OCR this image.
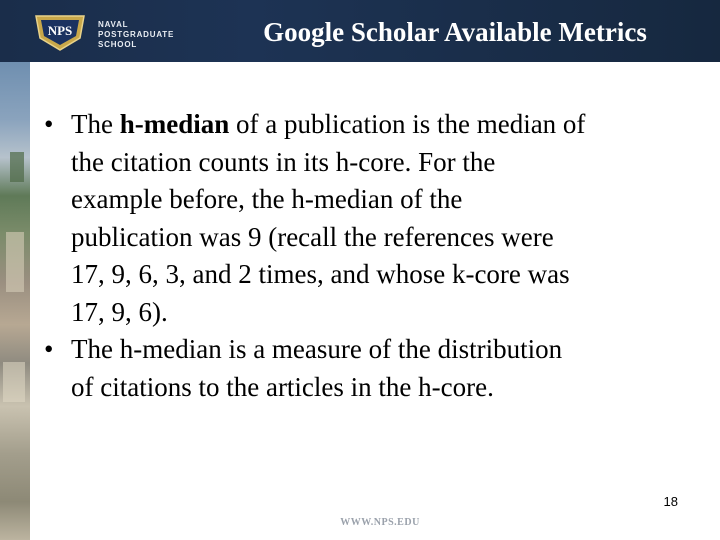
NPS	NAVAL
POSTGRADUATE
SCHOOL	Google Scholar Available Metrics
• The h-median of a publication is the median of
the citation counts in its h-core. For the
example before, the h-median of the
publication was 9 (recall the references were
17, 9, 6, 3, and 2 times, and whose k-core was
17, 9, 6).
• The h-median is a measure of the distribution
of citations to the articles in the h-core.
18
WWW.NPS.EDU
